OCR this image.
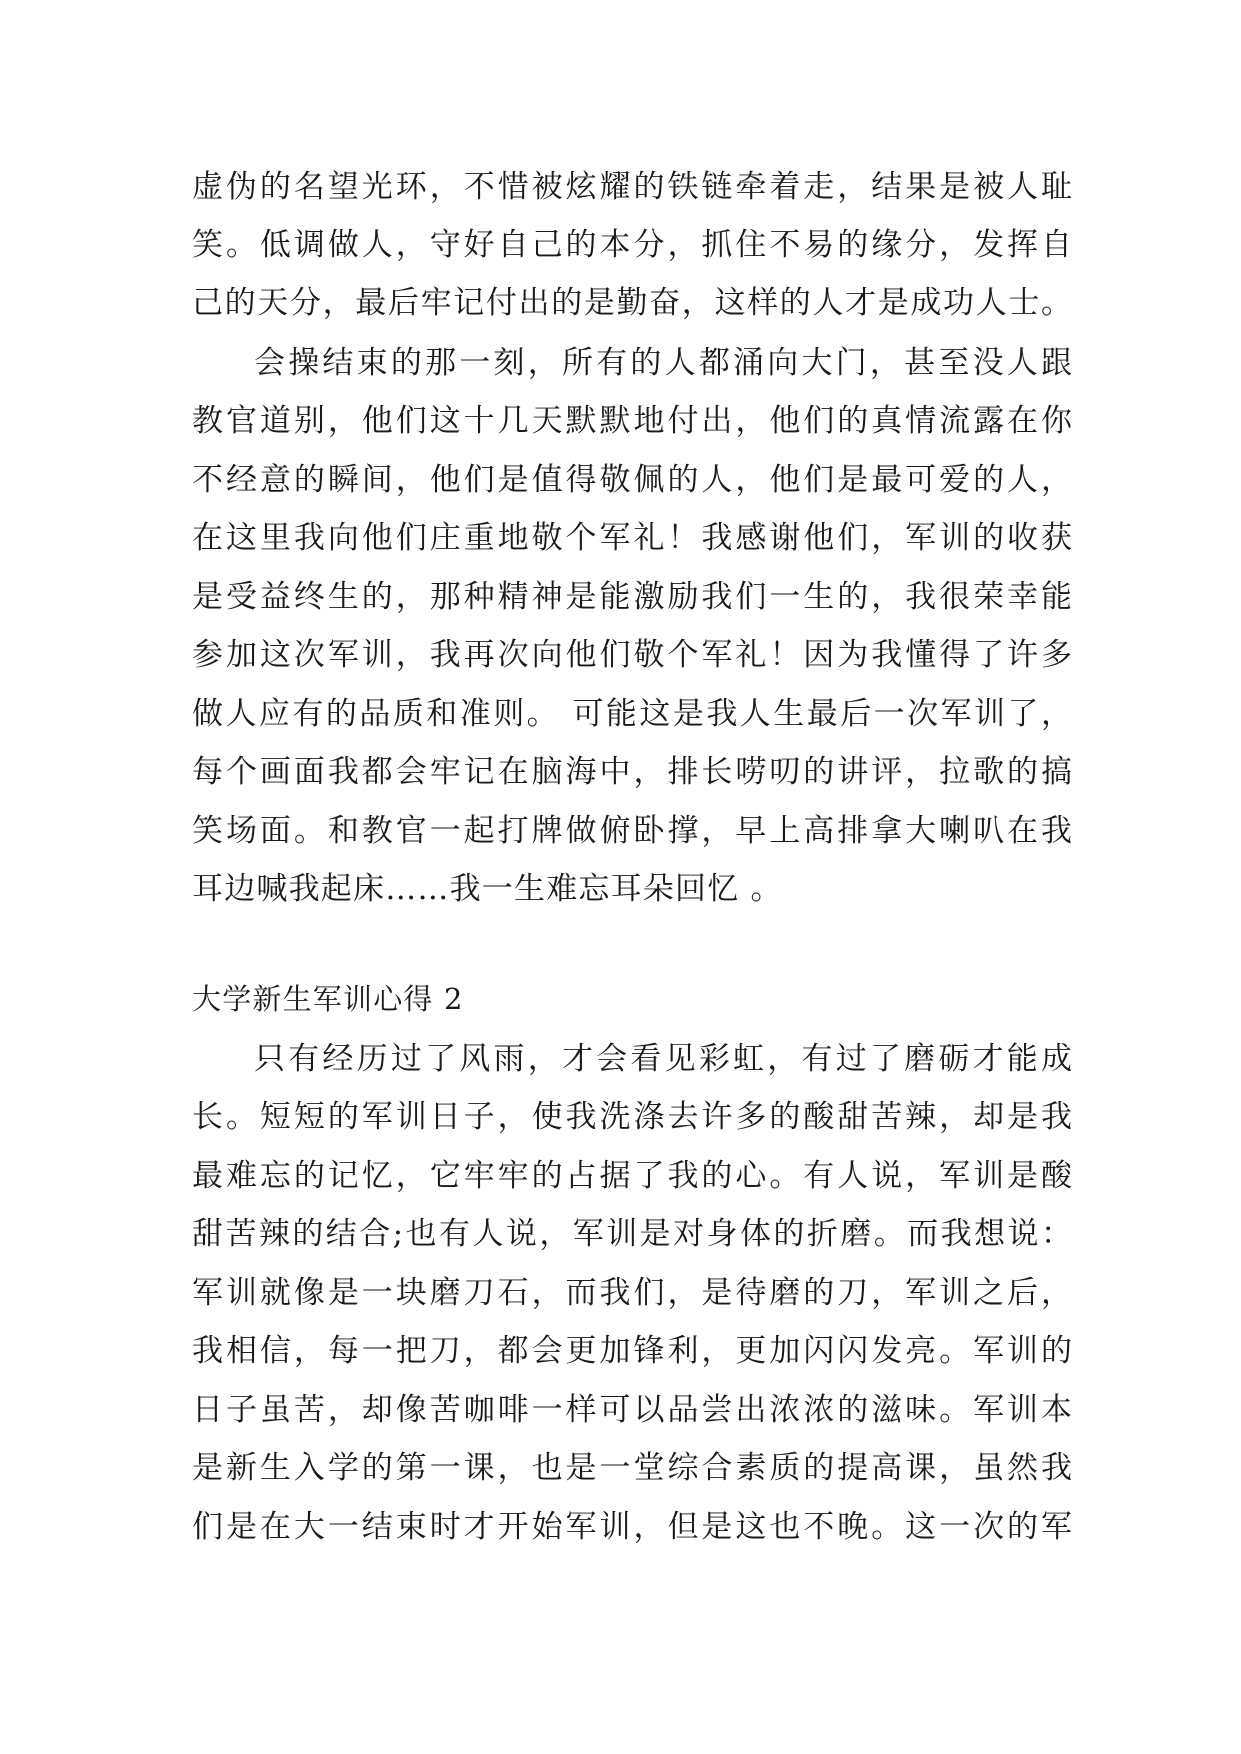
虚伪的名望光环，不惜被炫耀的铁链牵着走，结果是被人耻
笑。低调做人，守好自己的本分，抓住不易的缘分，发挥自
己的天分，最后牢记付出的是勤奋，这样的人才是成功人士。
会操结束的那一刻，所有的人都涌向大门，甚至没人跟
教官道别，他们这十几天默默地付出，他们的真情流露在你
不经意的瞬间，他们是值得敬佩的人，他们是最可爱的人，
在这里我向他们庄重地敬个军礼！我感谢他们，军训的收获
是受益终生的，那种精神是能激励我们一生的，我很荣幸能
参加这次军训，我再次向他们敬个军礼！因为我懂得了许多
做人应有的品质和准则。 可能这是我人生最后一次军训了，
每个画面我都会牢记在脑海中，排长唠叨的讲评，拉歌的搞
笑场面。和教官一起打牌做俯卧撑，早上高排拿大喇叭在我
耳边喊我起床……我一生难忘耳朵回忆 。
大学新生军训心得 2
只有经历过了风雨，才会看见彩虹，有过了磨砺才能成
长。短短的军训日子，使我洗涤去许多的酸甜苦辣，却是我
最难忘的记忆，它牢牢的占据了我的心。有人说，军训是酸
甜苦辣的结合;也有人说，军训是对身体的折磨。而我想说：
军训就像是一块磨刀石，而我们，是待磨的刀，军训之后，
我相信，每一把刀，都会更加锋利，更加闪闪发亮。军训的
日子虽苦，却像苦咖啡一样可以品尝出浓浓的滋味。军训本
是新生入学的第一课，也是一堂综合素质的提高课，虽然我
们是在大一结束时才开始军训，但是这也不晚。这一次的军
